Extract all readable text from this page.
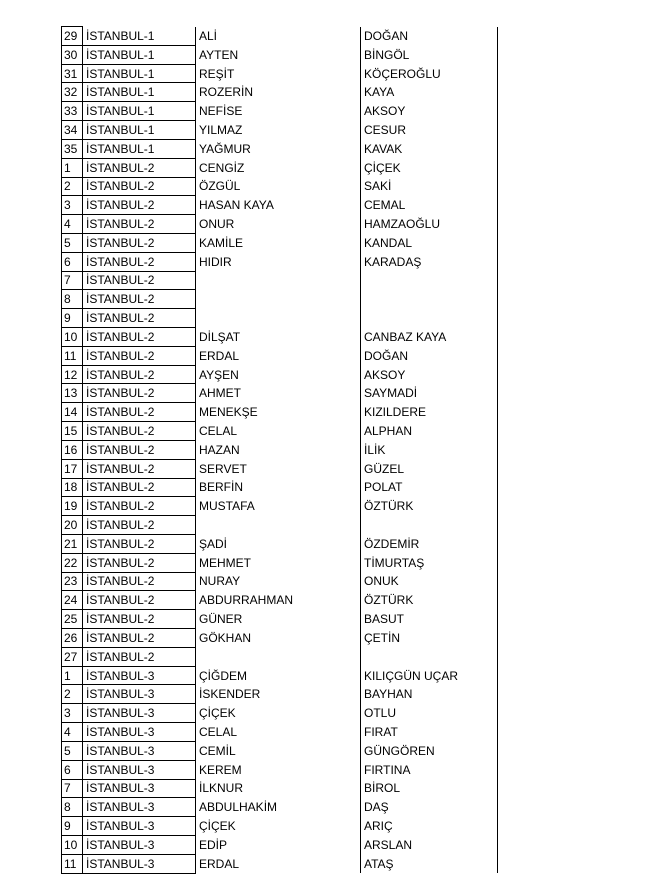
29	İSTANBUL-1	ALİ	DOĞAN
30	İSTANBUL-1	AYTEN	BİNGÖL
31	İSTANBUL-1	REŞİT	KÖÇEROĞLU
32	İSTANBUL-1	ROZERİN	KAYA
33	İSTANBUL-1	NEFİSE	AKSOY
34	İSTANBUL-1	YILMAZ	CESUR
35	İSTANBUL-1	YAĞMUR	KAVAK
1	İSTANBUL-2	CENGİZ	ÇİÇEK
2	İSTANBUL-2	ÖZGÜL	SAKİ
3	İSTANBUL-2	HASAN KAYA	CEMAL
4	İSTANBUL-2	ONUR	HAMZAOĞLU
5	İSTANBUL-2	KAMİLE	KANDAL
6	İSTANBUL-2	HIDIR	KARADAŞ
7	İSTANBUL-2		
8	İSTANBUL-2		
9	İSTANBUL-2		
10	İSTANBUL-2	DİLŞAT	CANBAZ KAYA
11	İSTANBUL-2	ERDAL	DOĞAN
12	İSTANBUL-2	AYŞEN	AKSOY
13	İSTANBUL-2	AHMET	SAYMADİ
14	İSTANBUL-2	MENEKŞE	KIZILDERE
15	İSTANBUL-2	CELAL	ALPHAN
16	İSTANBUL-2	HAZAN	İLİK
17	İSTANBUL-2	SERVET	GÜZEL
18	İSTANBUL-2	BERFİN	POLAT
19	İSTANBUL-2	MUSTAFA	ÖZTÜRK
20	İSTANBUL-2		
21	İSTANBUL-2	ŞADİ	ÖZDEMİR
22	İSTANBUL-2	MEHMET	TİMURTAŞ
23	İSTANBUL-2	NURAY	ONUK
24	İSTANBUL-2	ABDURRAHMAN	ÖZTÜRK
25	İSTANBUL-2	GÜNER	BASUT
26	İSTANBUL-2	GÖKHAN	ÇETİN
27	İSTANBUL-2		
1	İSTANBUL-3	ÇİĞDEM	KILIÇGÜN UÇAR
2	İSTANBUL-3	İSKENDER	BAYHAN
3	İSTANBUL-3	ÇİÇEK	OTLU
4	İSTANBUL-3	CELAL	FIRAT
5	İSTANBUL-3	CEMİL	GÜNGÖREN
6	İSTANBUL-3	KEREM	FIRTINA
7	İSTANBUL-3	İLKNUR	BİROL
8	İSTANBUL-3	ABDULHAKİM	DAŞ
9	İSTANBUL-3	ÇİÇEK	ARIÇ
10	İSTANBUL-3	EDİP	ARSLAN
11	İSTANBUL-3	ERDAL	ATAŞ
